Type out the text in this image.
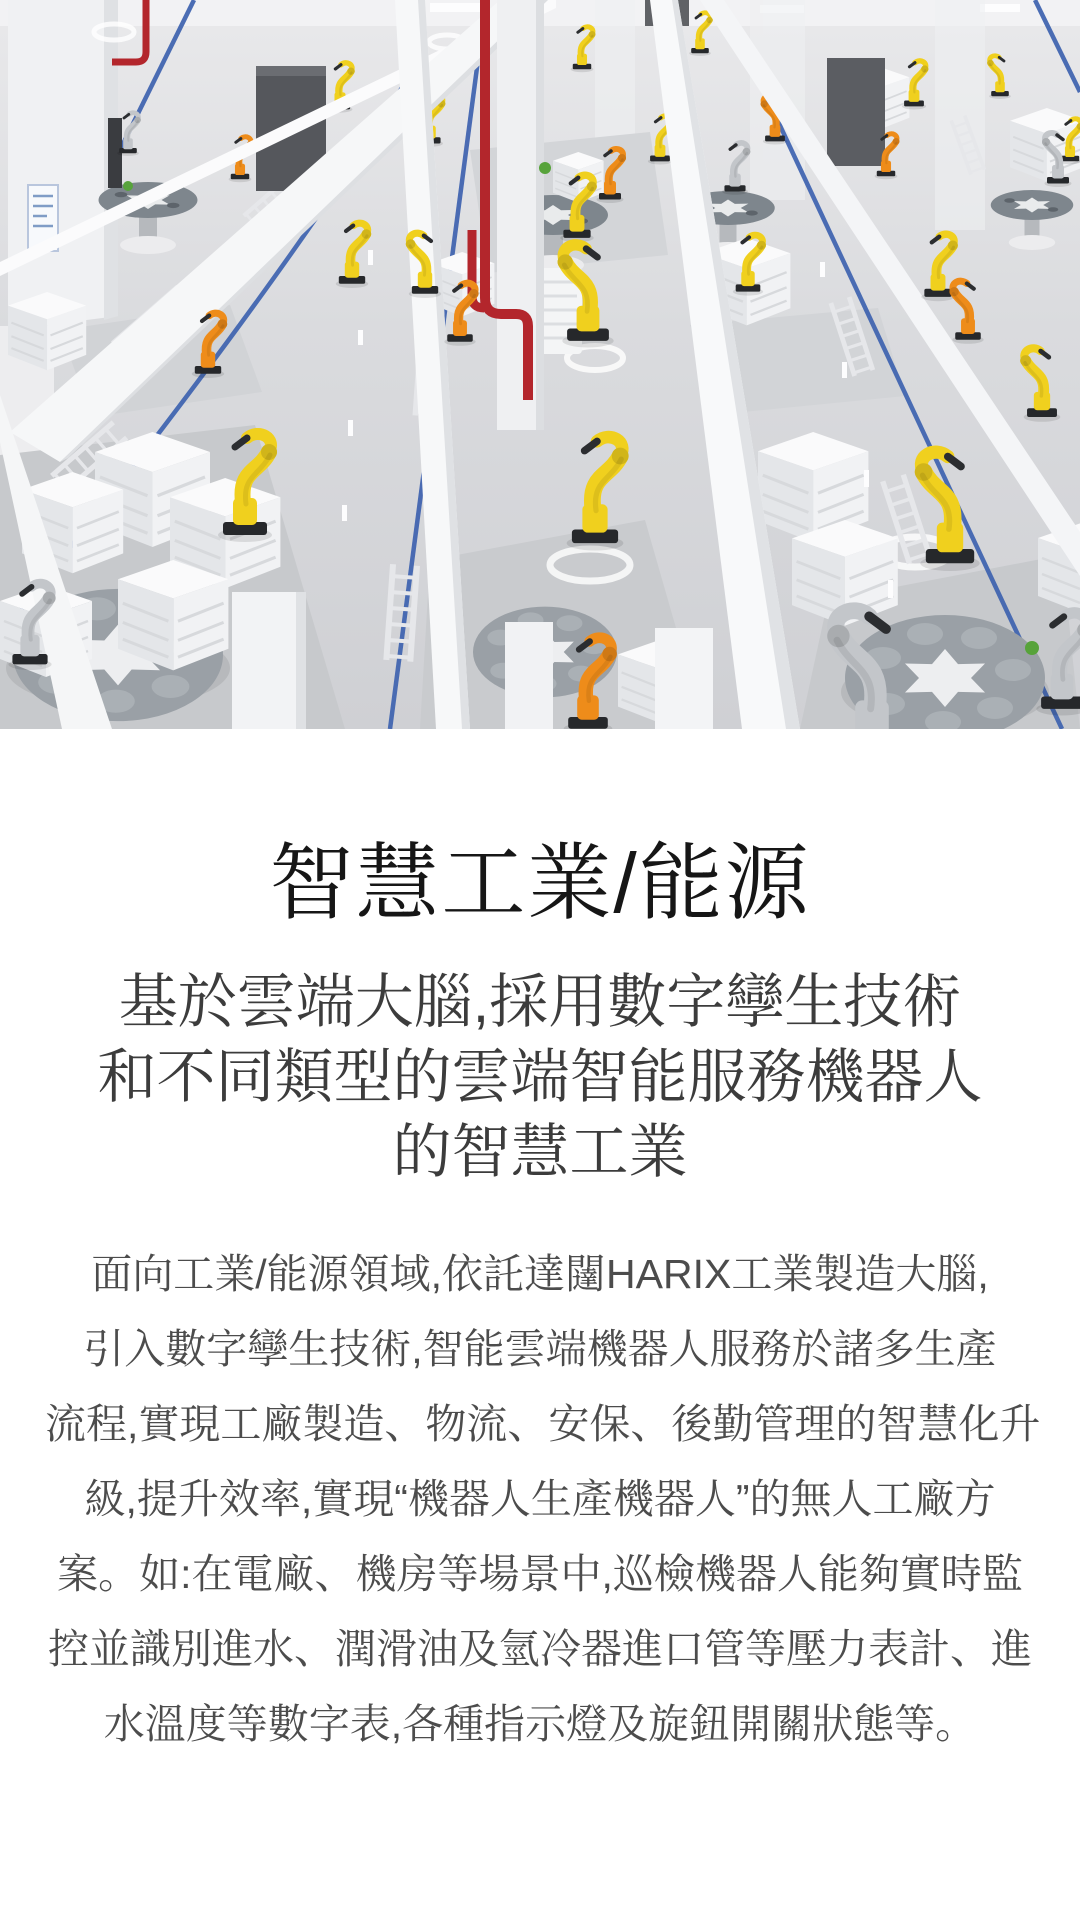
智慧工業/能源
基於雲端大腦,採用數字孿生技術
和不同類型的雲端智能服務機器人
的智慧工業
面向工業/能源領域,依託達闥HARIX工業製造大腦,
引入數字孿生技術,智能雲端機器人服務於諸多生產
流程,實現工廠製造、物流、安保、後勤管理的智慧化升
級,提升效率,實現“機器人生產機器人”的無人工廠方
案。如:在電廠、機房等場景中,巡檢機器人能夠實時監
控並識別進水、潤滑油及氫冷器進口管等壓力表計、進
水溫度等數字表,各種指示燈及旋鈕開關狀態等。
